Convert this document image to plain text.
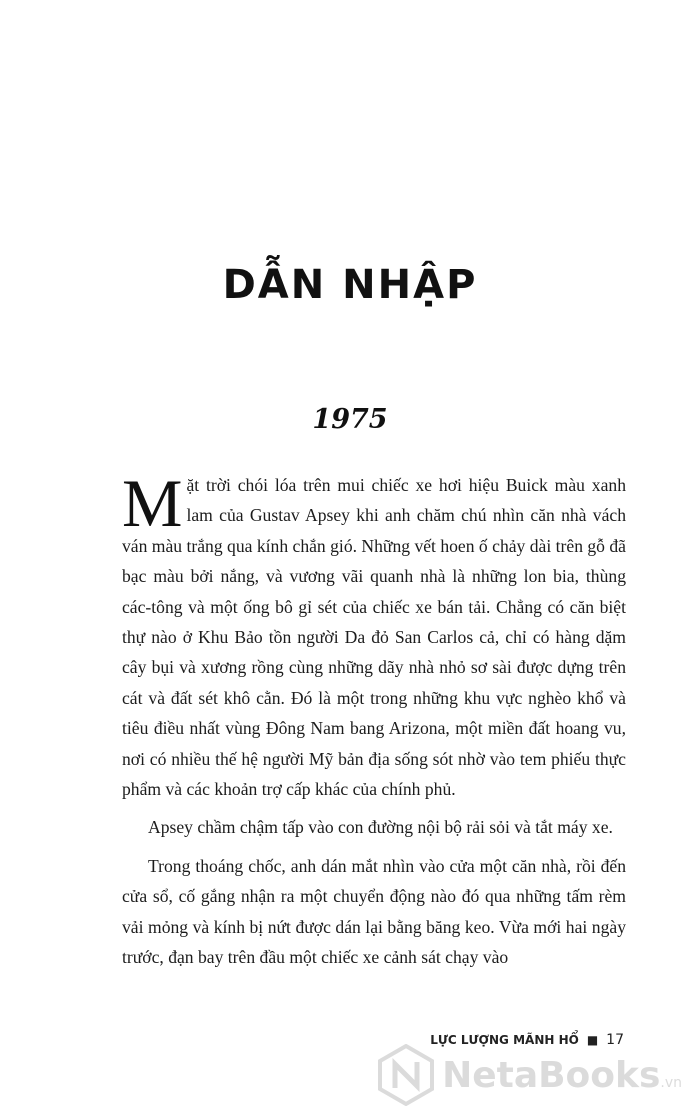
DẪN NHẬP
1975

Mặt trời chói lóa trên mui chiếc xe hơi hiệu Buick màu xanh lam của Gustav Apsey khi anh chăm chú nhìn căn nhà vách ván màu trắng qua kính chắn gió. Những vết hoen ố chảy dài trên gỗ đã bạc màu bởi nắng, và vương vãi quanh nhà là những lon bia, thùng các-tông và một ống bô gỉ sét của chiếc xe bán tải. Chẳng có căn biệt thự nào ở Khu Bảo tồn người Da đỏ San Carlos cả, chỉ có hàng dặm cây bụi và xương rồng cùng những dãy nhà nhỏ sơ sài được dựng trên cát và đất sét khô cằn. Đó là một trong những khu vực nghèo khổ và tiêu điều nhất vùng Đông Nam bang Arizona, một miền đất hoang vu, nơi có nhiều thế hệ người Mỹ bản địa sống sót nhờ vào tem phiếu thực phẩm và các khoản trợ cấp khác của chính phủ.

Apsey chầm chậm tấp vào con đường nội bộ rải sỏi và tắt máy xe.

Trong thoáng chốc, anh dán mắt nhìn vào cửa một căn nhà, rồi đến cửa sổ, cố gắng nhận ra một chuyển động nào đó qua những tấm rèm vải mỏng và kính bị nứt được dán lại bằng băng keo. Vừa mới hai ngày trước, đạn bay trên đầu một chiếc xe cảnh sát chạy vào

LỰC LƯỢNG MÃNH HỔ ■ 17
NetaBooks.vn
